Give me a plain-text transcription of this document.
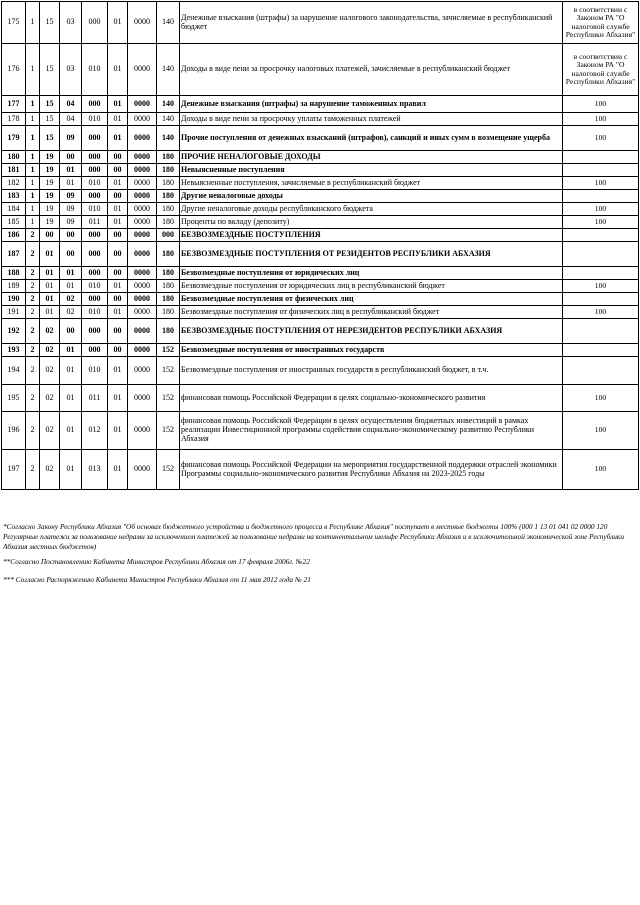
175	1	15	03	000	01	0000	140	Денежные взыскания (штрафы) за нарушение налогового законодательства, зачисляемые в республиканский бюджет	в соответствии с Законом РА "О налоговой службе Республики Абхазия"
176	1	15	03	010	01	0000	140	Доходы в виде пени за просрочку налоговых платежей, зачисляемые в республиканский бюджет	в соответствии с Законом РА "О налоговой службе Республики Абхазия"
177	1	15	04	000	01	0000	140	Денежные взыскания (штрафы) за нарушение таможенных правил	100
178	1	15	04	010	01	0000	140	Доходы в виде пени за просрочку уплаты таможенных платежей	100
179	1	15	09	000	01	0000	140	Прочие поступления от денежных взысканий (штрафов), санкций и иных сумм в возмещение ущерба	100
180	1	19	00	000	00	0000	180	ПРОЧИЕ НЕНАЛОГОВЫЕ ДОХОДЫ	
181	1	19	01	000	00	0000	180	Невыясненные поступления	
182	1	19	01	010	01	0000	180	Невыясненные поступления, зачисляемые в республиканский бюджет	100
183	1	19	09	000	00	0000	180	Другие неналоговые доходы	
184	1	19	09	010	01	0000	180	Другие неналоговые доходы республиканского бюджета	100
185	1	19	09	011	01	0000	180	Проценты по вкладу (депозиту)	100
186	2	00	00	000	00	0000	000	БЕЗВОЗМЕЗДНЫЕ ПОСТУПЛЕНИЯ	
187	2	01	00	000	00	0000	180	БЕЗВОЗМЕЗДНЫЕ ПОСТУПЛЕНИЯ ОТ РЕЗИДЕНТОВ РЕСПУБЛИКИ АБХАЗИЯ	
188	2	01	01	000	00	0000	180	Безвозмездные поступления от юридических лиц	
189	2	01	01	010	01	0000	180	Безвозмездные поступления от юридических лиц в республиканский бюджет	100
190	2	01	02	000	00	0000	180	Безвозмездные поступления от физических лиц	
191	2	01	02	010	01	0000	180	Безвозмездные поступления от физических лиц в республиканский бюджет	100
192	2	02	00	000	00	0000	180	БЕЗВОЗМЕЗДНЫЕ ПОСТУПЛЕНИЯ ОТ НЕРЕЗИДЕНТОВ РЕСПУБЛИКИ АБХАЗИЯ	
193	2	02	01	000	00	0000	152	Безвозмездные поступления от иностранных государств	
194	2	02	01	010	01	0000	152	Безвозмездные поступления от иностранных государств в республиканский бюджет, в т.ч.	
195	2	02	01	011	01	0000	152	финансовая помощь Российской Федерации в целях социально-экономического развития	100
196	2	02	01	012	01	0000	152	финансовая помощь Российской Федерации в целях осуществления бюджетных инвестиций в рамках реализации Инвестиционной программы содействия социально-экономическому развитию Республики Абхазия	100
197	2	02	01	013	01	0000	152	финансовая помощь Российской Федерации на мероприятия государственной поддержки отраслей экономики Программы социально-экономического развития Республики Абхазия на 2023-2025 годы	100

*Согласно Закону Республики Абхазия "Об основах бюджетного устройства и бюджетного процесса в Республике Абхазия" поступает в местные бюджеты 100% (000 1 13 01 041 02 0000 120 Регулярные платежи за пользование недрами за исключением платежей за пользование недрами на континентальном шельфе Республики Абхазия и в исключительной экономической зоне Республики Абхазия местных бюджетов)

**Согласно Постановлению Кабинета Министров Республики Абхазия от 17 февраля 2006г. №22

*** Согласно Распоряжению Кабинета Министров Республики Абхазия от 11 мая 2012 года № 21
